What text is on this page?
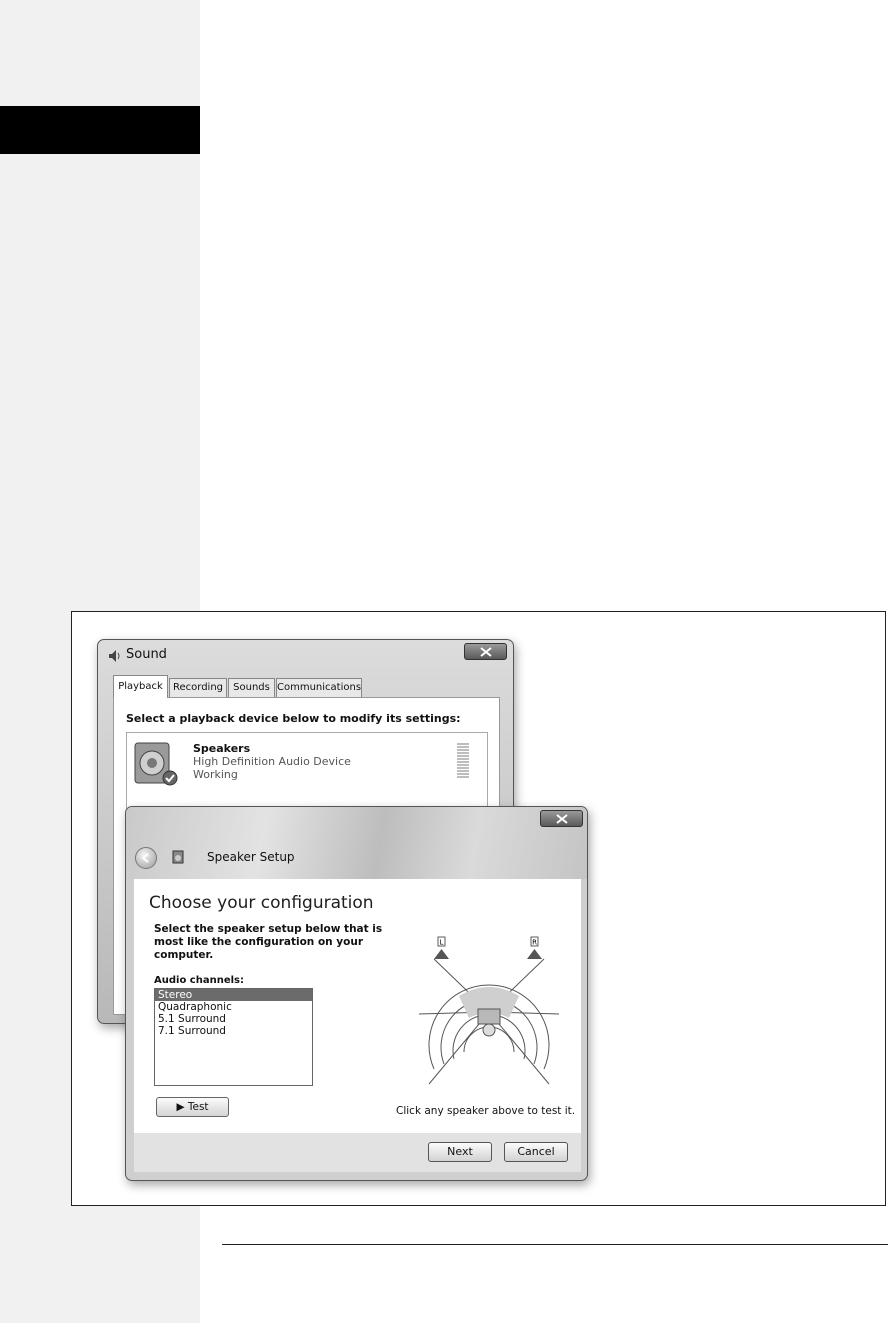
Sound
Playback	Recording	Sounds Communications
Select a playback device below to modify its settings:
Speakers
High Definition Audio Device
Working
Speaker Setup
Choose your configuration
Select the speaker setup below that is most like the configuration on your computer.
Audio channels:
Stereo
Quadraphonic
5.1 Surround
7.1 Surround
▶ Test
L	R
Click any speaker above to test it.
Next	Cancel
